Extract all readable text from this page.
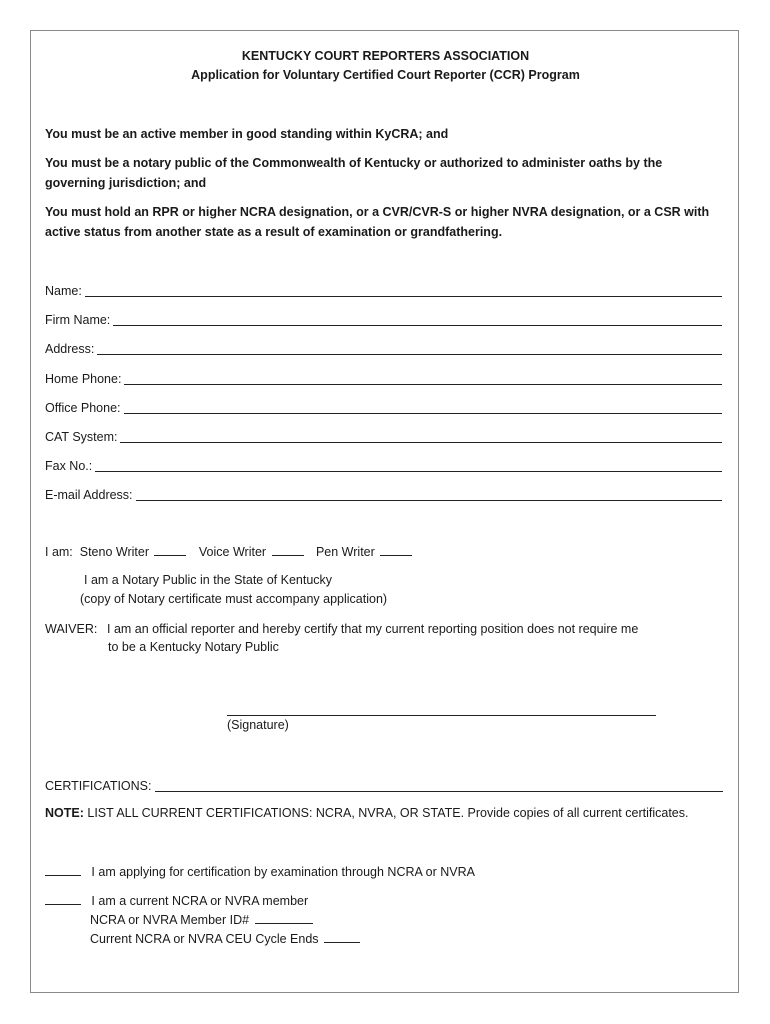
KENTUCKY COURT REPORTERS ASSOCIATION
Application for Voluntary Certified Court Reporter (CCR) Program
You must be an active member in good standing within KyCRA; and
You must be a notary public of the Commonwealth of Kentucky or authorized to administer oaths by the governing jurisdiction; and
You must hold an RPR or higher NCRA designation, or a CVR/CVR-S or higher NVRA designation, or a CSR with active status from another state as a result of examination or grandfathering.
Name:
Firm Name:
Address:
Home Phone:
Office Phone:
CAT System:
Fax No.:
E-mail Address:
I am: Steno Writer	Voice Writer	Pen Writer
I am a Notary Public in the State of Kentucky
(copy of Notary certificate must accompany application)
WAIVER: I am an official reporter and hereby certify that my current reporting position does not require me
to be a Kentucky Notary Public
(Signature)
CERTIFICATIONS:
NOTE: LIST ALL CURRENT CERTIFICATIONS: NCRA, NVRA, OR STATE. Provide copies of all current certificates.
I am applying for certification by examination through NCRA or NVRA
I am a current NCRA or NVRA member
NCRA or NVRA Member ID#
Current NCRA or NVRA CEU Cycle Ends
